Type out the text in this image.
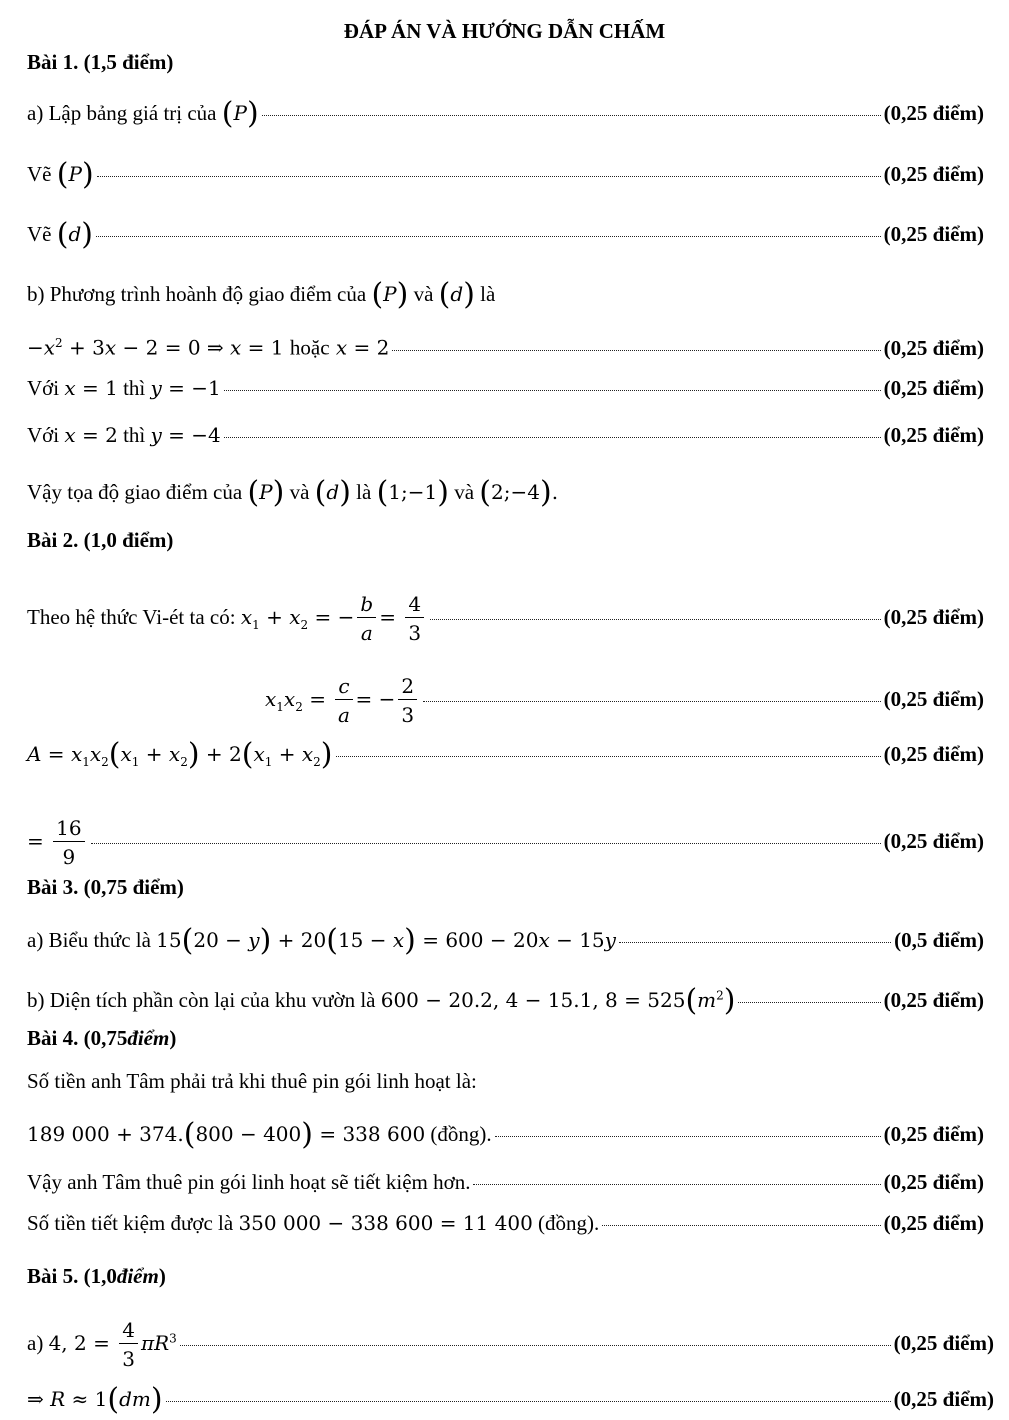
ĐÁP ÁN VÀ HƯỚNG DẪN CHẤM
Bài 1. (1,5 điểm)
a) Lập bảng giá trị của (P)	(0,25 điểm)
Vẽ (P)	(0,25 điểm)
Vẽ (d)	(0,25 điểm)
b) Phương trình hoành độ giao điểm của (P) và (d) là
$-x^2 + 3x - 2 = 0$ ⇒ x = 1 hoặc x = 2	(0,25 điểm)
Với x = 1 thì y = −1	(0,25 điểm)
Với x = 2 thì y = −4	(0,25 điểm)
Vậy tọa độ giao điểm của (P) và (d) là (1;−1) và (2;−4).
Bài 2. (1,0 điểm)
Theo hệ thức Vi-ét ta có: $x_1 + x_2$ = − $\frac{b}{a} = \frac{4}{3}$	(0,25 điểm)
$x_1x_2 = \frac{c}{a}$ = − $\frac{2}{3}$	(0,25 điểm)
$A = x_1x_2(x_1 + x_2) + 2(x_1 + x_2)$	(0,25 điểm)
= $\frac{16}{9}$	(0,25 điểm)
Bài 3. (0,75 điểm)
a) Biểu thức là 15(20 − y) + 20(15 − x) = 600 − 20x − 15y	(0,5 điểm)
b) Diện tích phần còn lại của khu vườn là 600 − 20.2, 4 − 15.1, $8 = 525(m^2)$	(0,25 điểm)
Bài 4. (0,75 điểm )
Số tiền anh Tâm phải trả khi thuê pin gói linh hoạt là:
189 000 + 374.(800 − 400) = 338 600 (đồng).	(0,25 điểm)
Vậy anh Tâm thuê pin gói linh hoạt sẽ tiết kiệm hơn.	(0,25 điểm)
Số tiền tiết kiệm được là 350 000 − 338 600 = 11 400 (đồng).	(0,25 điểm)
Bài 5. (1,0 điểm )
a) 4, $2 = \frac{4}{3} \pi R^3$	(0,25 điểm)
⇒ R ≈ 1(dm)	(0,25 điểm)
